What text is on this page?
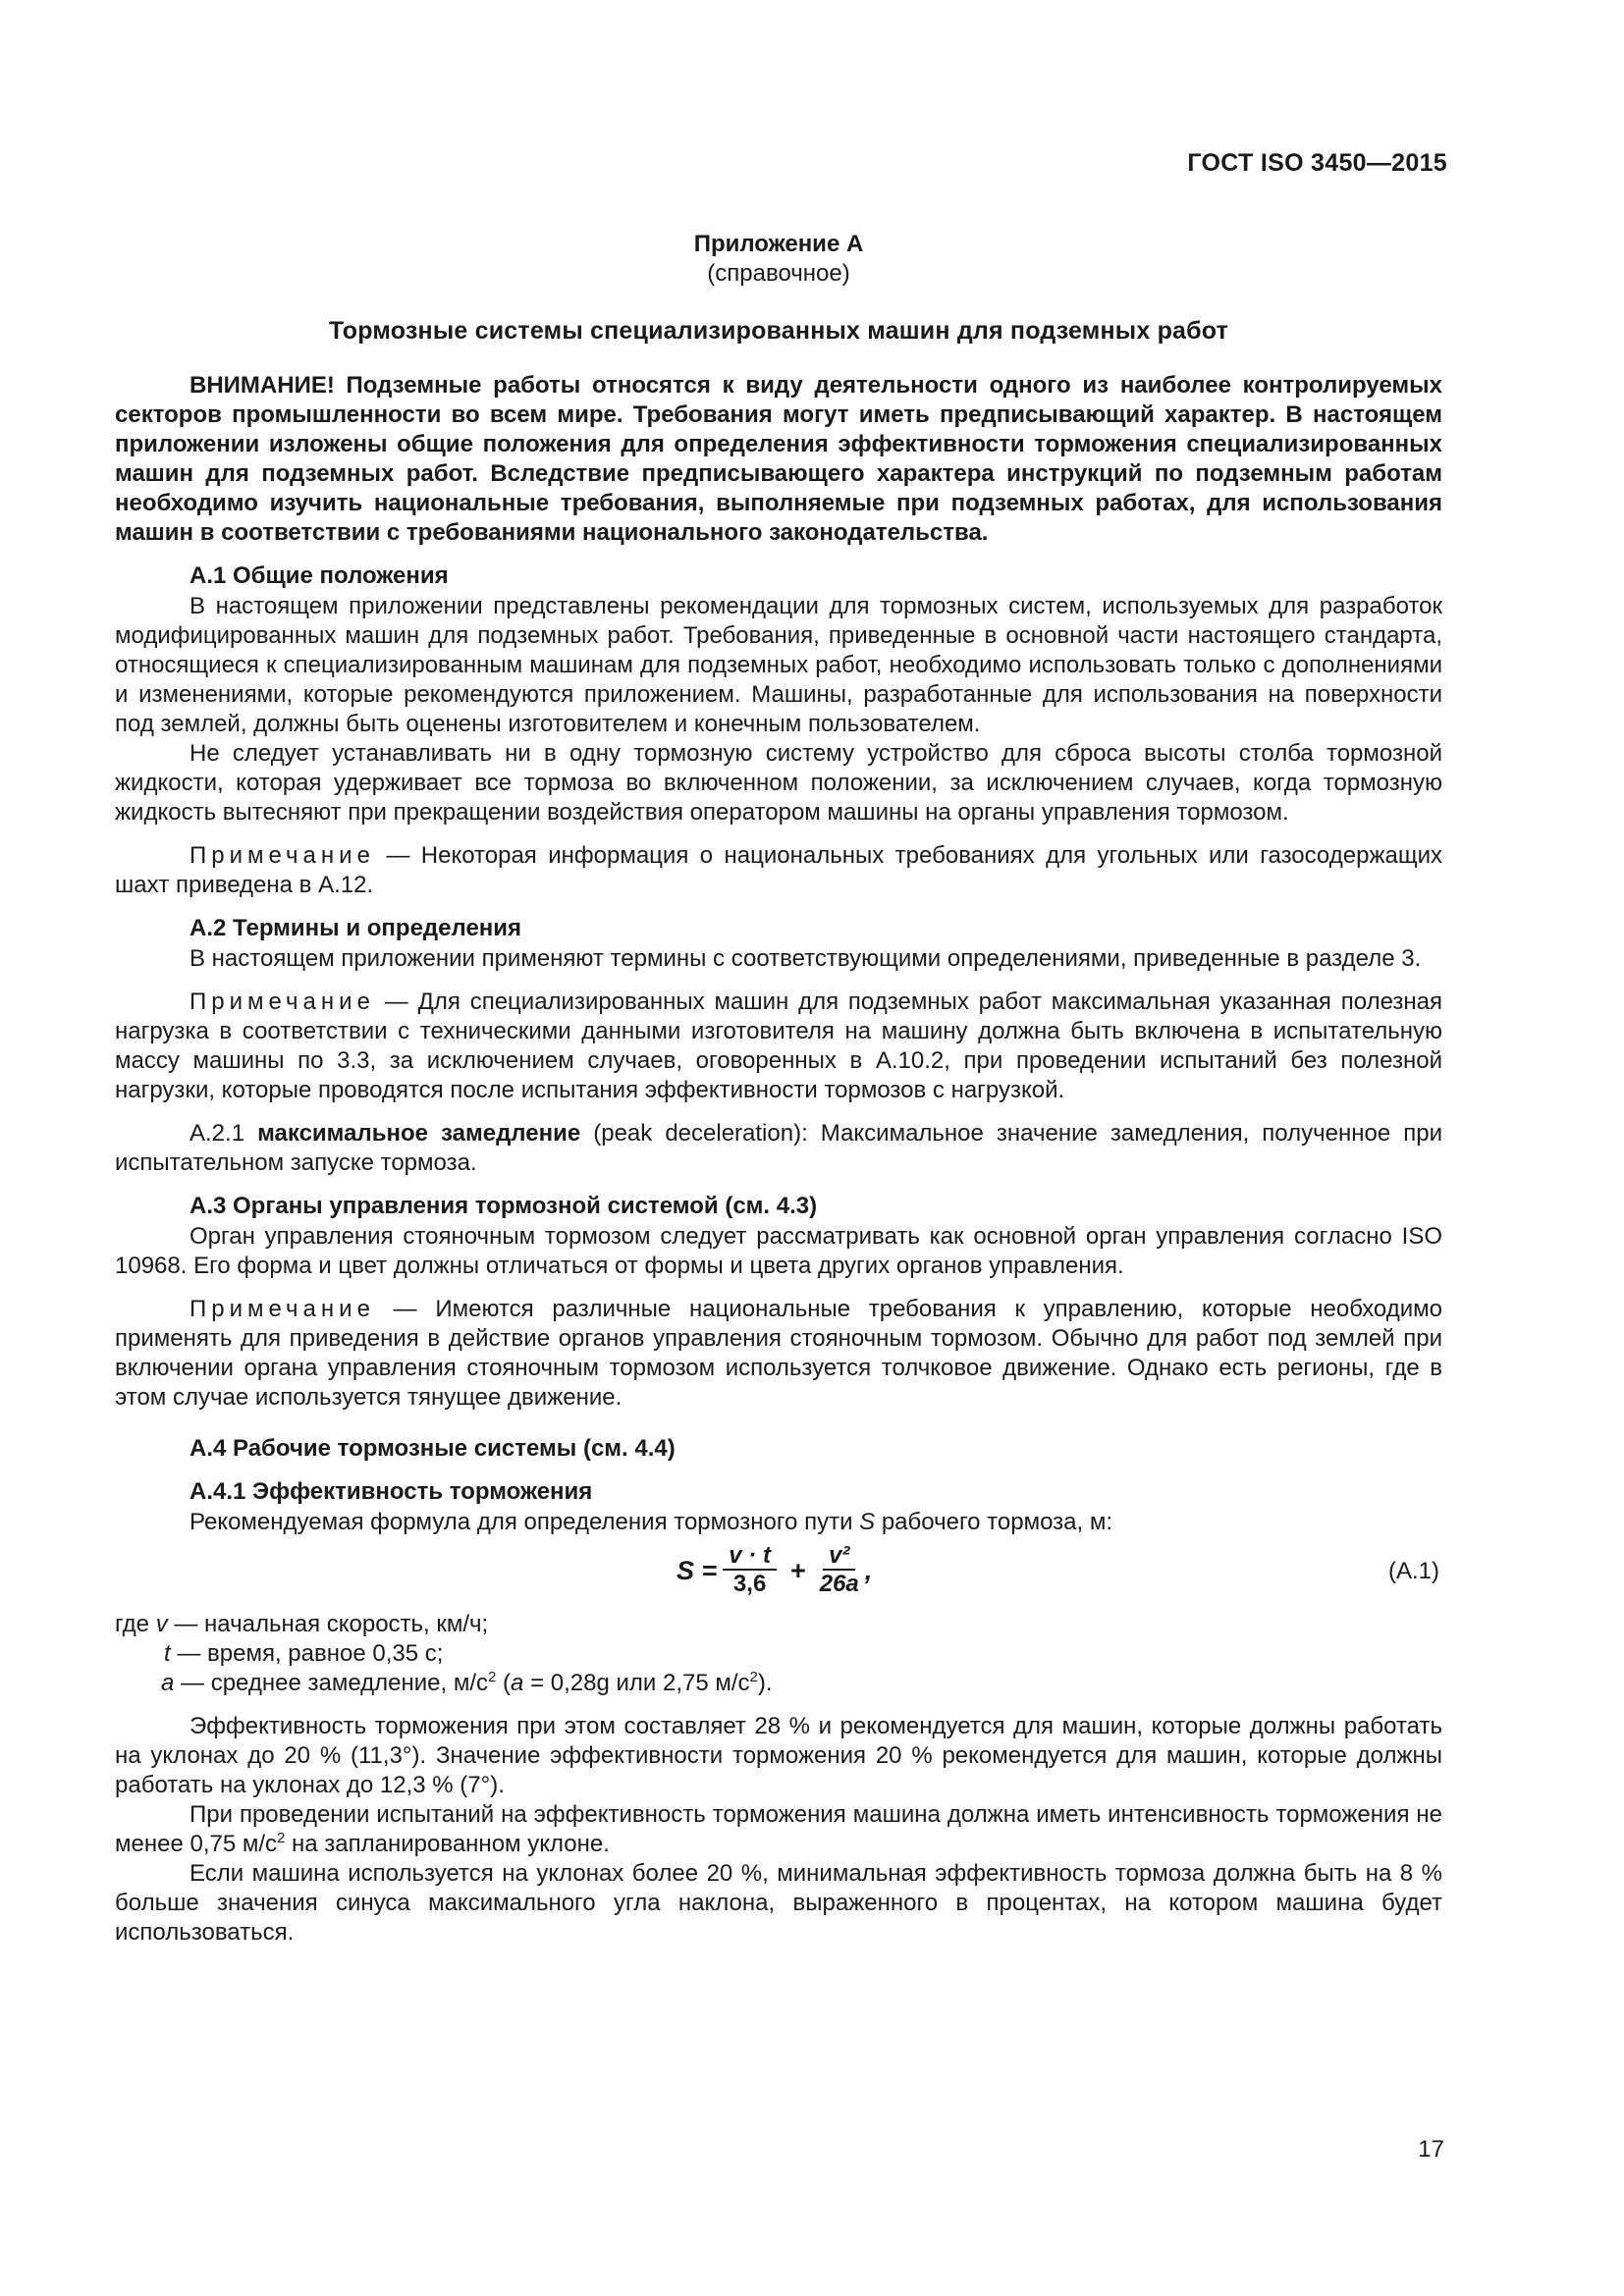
ГОСТ ISO 3450—2015
Приложение А
(справочное)
Тормозные системы специализированных машин для подземных работ

ВНИМАНИЕ! Подземные работы относятся к виду деятельности одного из наиболее контролируемых секторов промышленности во всем мире. Требования могут иметь предписывающий характер. В настоящем приложении изложены общие положения для определения эффективности торможения специализированных машин для подземных работ. Вследствие предписывающего характера инструкций по подземным работам необходимо изучить национальные требования, выполняемые при подземных работах, для использования машин в соответствии с требованиями национального законодательства.

А.1 Общие положения

В настоящем приложении представлены рекомендации для тормозных систем, используемых для разработок модифицированных машин для подземных работ. Требования, приведенные в основной части настоящего стандарта, относящиеся к специализированным машинам для подземных работ, необходимо использовать только с дополнениями и изменениями, которые рекомендуются приложением. Машины, разработанные для использования на поверхности под землей, должны быть оценены изготовителем и конечным пользователем.

Не следует устанавливать ни в одну тормозную систему устройство для сброса высоты столба тормозной жидкости, которая удерживает все тормоза во включенном положении, за исключением случаев, когда тормозную жидкость вытесняют при прекращении воздействия оператором машины на органы управления тормозом.

Примечание — Некоторая информация о национальных требованиях для угольных или газосодержащих шахт приведена в А.12.

А.2 Термины и определения

В настоящем приложении применяют термины с соответствующими определениями, приведенные в разделе 3.

Примечание — Для специализированных машин для подземных работ максимальная указанная полезная нагрузка в соответствии с техническими данными изготовителя на машину должна быть включена в испытательную массу машины по 3.3, за исключением случаев, оговоренных в А.10.2, при проведении испытаний без полезной нагрузки, которые проводятся после испытания эффективности тормозов с нагрузкой.

А.2.1 максимальное замедление (peak deceleration): Максимальное значение замедления, полученное при испытательном запуске тормоза.

А.3 Органы управления тормозной системой (см. 4.3)

Орган управления стояночным тормозом следует рассматривать как основной орган управления согласно ISO 10968. Его форма и цвет должны отличаться от формы и цвета других органов управления.

Примечание — Имеются различные национальные требования к управлению, которые необходимо применять для приведения в действие органов управления стояночным тормозом. Обычно для работ под землей при включении органа управления стояночным тормозом используется толчковое движение. Однако есть регионы, где в этом случае используется тянущее движение.

А.4 Рабочие тормозные системы (см. 4.4)
А.4.1 Эффективность торможения

Рекомендуемая формула для определения тормозного пути S рабочего тормоза, м:

$S = \frac{v \cdot t}{3,6} + \frac{\text{v²}}{26a}$ ,	(А.1)

где v — начальная скорость, км/ч;

t — время, равное 0,35 с;

a — среднее замедление, $м/с^2$ (a = 0,28g или 2,75 $м/с^2$).

Эффективность торможения при этом составляет 28 % и рекомендуется для машин, которые должны работать на уклонах до 20 % (11,3°). Значение эффективности торможения 20 % рекомендуется для машин, которые должны работать на уклонах до 12,3 % (7°).

При проведении испытаний на эффективность торможения машина должна иметь интенсивность торможения не менее 0,75 $м/с^2$ на запланированном уклоне.

Если машина используется на уклонах более 20 %, минимальная эффективность тормоза должна быть на 8 % больше значения синуса максимального угла наклона, выраженного в процентах, на котором машина будет использоваться.

17
